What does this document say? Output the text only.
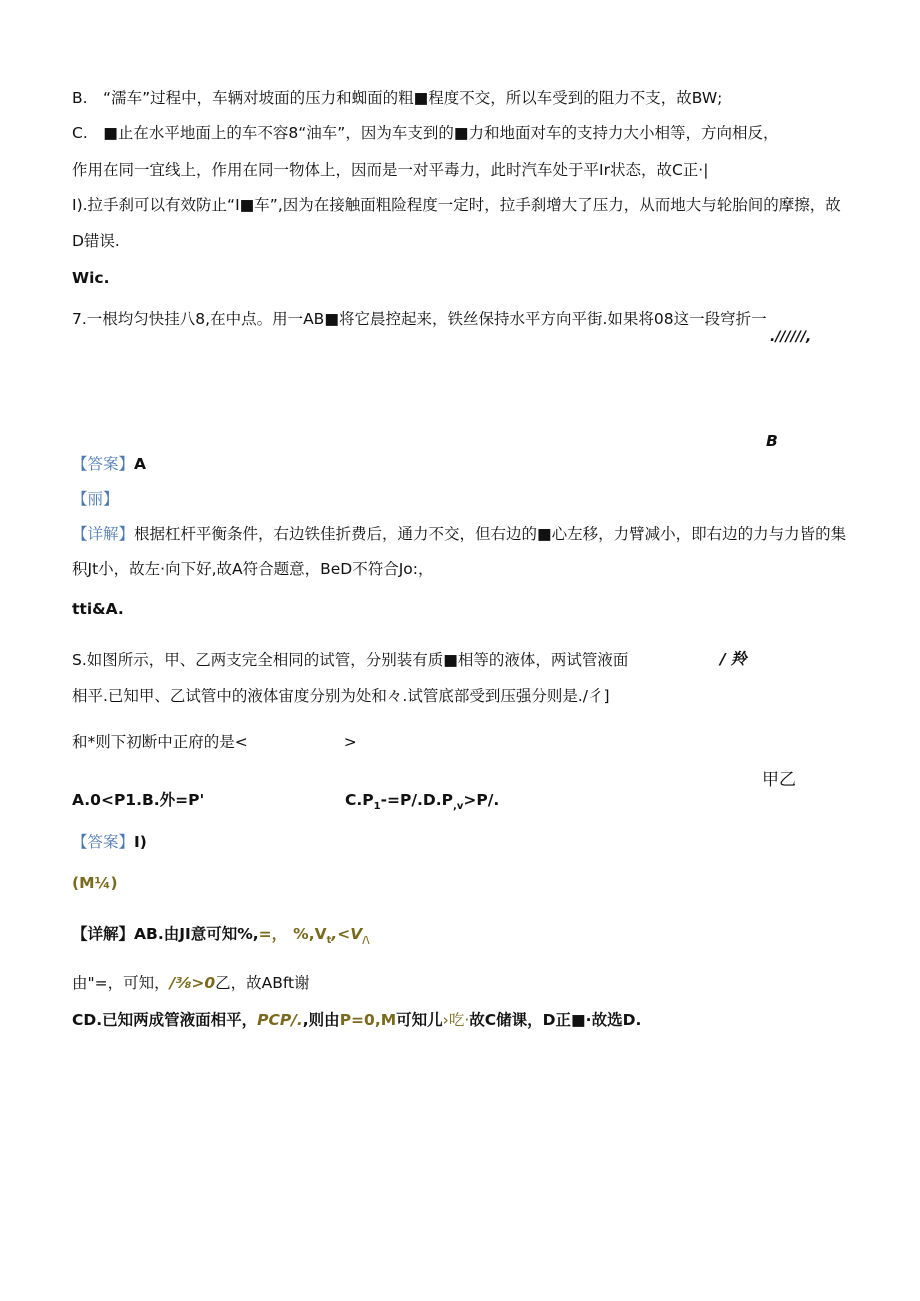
B.　“濡车”过程中，车辆对坡面的压力和蜘面的粗■程度不交，所以车受到的阻力不支，故BW;
C.　■止在水平地面上的车不容8“油车”，因为车支到的■力和地面对车的支持力大小相等，方向相反，
作用在同一宜线上，作用在同一物体上，因而是一对平毒力，此时汽车处于平Ir状态，故C正·|
I).拉手刹可以有效防止“I■车”,因为在接触面粗险程度一定时，拉手刹增大了压力，从而地大与轮胎间的摩擦，故
D错误.
Wic.
7.一根均匀快挂八8,在中点。用一AB■将它晨控起来，铁丝保持水平方向平街.如果将08这一段穹折一
.//////,
B
【答案】A
【丽】
【详解】根据杠杆平衡条件，右边铁佳折费后，通力不交，但右边的■心左移，力臂减小，即右边的力与力皆的集
积Jt小，故左·向下好,故A符合题意，BeD不符合Jo:，
tti&A.
S.如图所示，甲、乙两支完全相同的试管，分别装有质■相等的液体，两试管液面	/ 羚
相平.已知甲、乙试管中的液体宙度分别为处和々.试管底部受到压强分则是./彳]
和*则下初断中正府的是<	>
甲乙
A.0<P1.B.外=P'	$C.P_1-=P/.D.P_{,v}>P/$.
【答案】I)
(M¼)
【详解】AB.由JI意可知%,=， $\%,V_t,<V_{/\backslash}$
由"=，可知，/⅜>0乙，故ABft谢
CD.已知两成管液面相平，PCP/.,则由P=0,M可知儿›吃·故C储课，D正■·故选D.
